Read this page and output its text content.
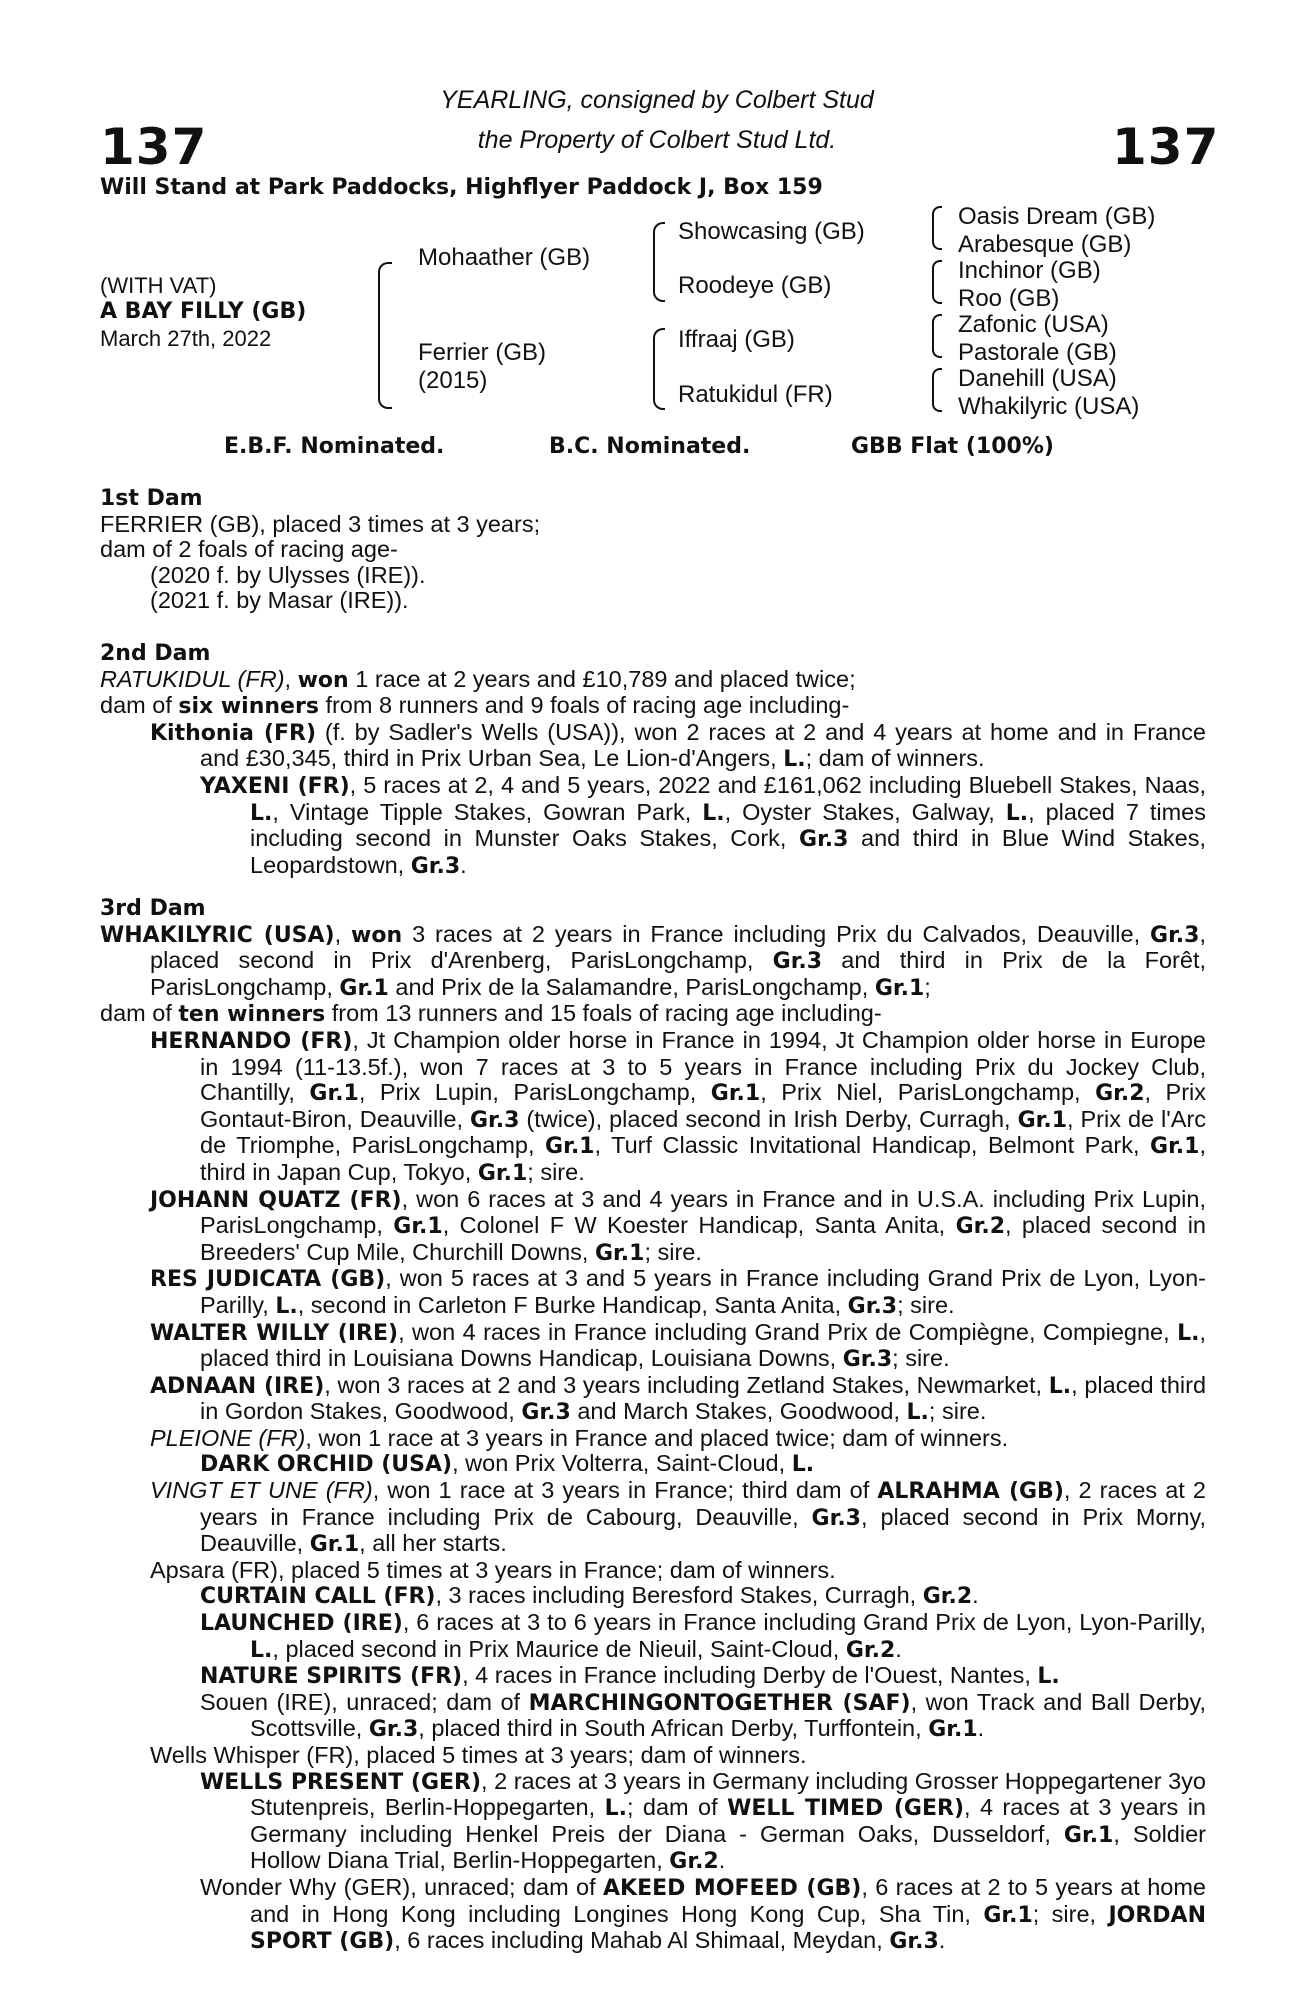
137	137
YEARLING, consigned by Colbert Stud
the Property of Colbert Stud Ltd.
Will Stand at Park Paddocks, Highflyer Paddock J, Box 159
(WITH VAT)
A BAY FILLY (GB)
March 27th, 2022
Mohaather (GB)
Ferrier (GB)
(2015)
Showcasing (GB)
Roodeye (GB)
Iffraaj (GB)
Ratukidul (FR)
Oasis Dream (GB)
Arabesque (GB)
Inchinor (GB)
Roo (GB)
Zafonic (USA)
Pastorale (GB)
Danehill (USA)
Whakilyric (USA)
E.B.F. Nominated.	B.C. Nominated.	GBB Flat (100%)

1st Dam

FERRIER (GB), placed 3 times at 3 years;

dam of 2 foals of racing age-

(2020 f. by Ulysses (IRE)).

(2021 f. by Masar (IRE)).

2nd Dam

RATUKIDUL (FR), won 1 race at 2 years and £10,789 and placed twice;

dam of six winners from 8 runners and 9 foals of racing age including-

Kithonia (FR) (f. by Sadler's Wells (USA)), won 2 races at 2 and 4 years at home and in France and £30,345, third in Prix Urban Sea, Le Lion-d'Angers, L.; dam of winners.

YAXENI (FR), 5 races at 2, 4 and 5 years, 2022 and £161,062 including Bluebell Stakes, Naas, L., Vintage Tipple Stakes, Gowran Park, L., Oyster Stakes, Galway, L., placed 7 times including second in Munster Oaks Stakes, Cork, Gr.3 and third in Blue Wind Stakes, Leopardstown, Gr.3.

3rd Dam

WHAKILYRIC (USA), won 3 races at 2 years in France including Prix du Calvados, Deauville, Gr.3, placed second in Prix d'Arenberg, ParisLongchamp, Gr.3 and third in Prix de la Forêt, ParisLongchamp, Gr.1 and Prix de la Salamandre, ParisLongchamp, Gr.1;

dam of ten winners from 13 runners and 15 foals of racing age including-

HERNANDO (FR), Jt Champion older horse in France in 1994, Jt Champion older horse in Europe in 1994 (11-13.5f.), won 7 races at 3 to 5 years in France including Prix du Jockey Club, Chantilly, Gr.1, Prix Lupin, ParisLongchamp, Gr.1, Prix Niel, ParisLongchamp, Gr.2, Prix Gontaut-Biron, Deauville, Gr.3 (twice), placed second in Irish Derby, Curragh, Gr.1, Prix de l'Arc de Triomphe, ParisLongchamp, Gr.1, Turf Classic Invitational Handicap, Belmont Park, Gr.1, third in Japan Cup, Tokyo, Gr.1; sire.

JOHANN QUATZ (FR), won 6 races at 3 and 4 years in France and in U.S.A. including Prix Lupin, ParisLongchamp, Gr.1, Colonel F W Koester Handicap, Santa Anita, Gr.2, placed second in Breeders' Cup Mile, Churchill Downs, Gr.1; sire.

RES JUDICATA (GB), won 5 races at 3 and 5 years in France including Grand Prix de Lyon, Lyon-Parilly, L., second in Carleton F Burke Handicap, Santa Anita, Gr.3; sire.

WALTER WILLY (IRE), won 4 races in France including Grand Prix de Compiègne, Compiegne, L., placed third in Louisiana Downs Handicap, Louisiana Downs, Gr.3; sire.

ADNAAN (IRE), won 3 races at 2 and 3 years including Zetland Stakes, Newmarket, L., placed third in Gordon Stakes, Goodwood, Gr.3 and March Stakes, Goodwood, L.; sire.

PLEIONE (FR), won 1 race at 3 years in France and placed twice; dam of winners.

DARK ORCHID (USA), won Prix Volterra, Saint-Cloud, L.

VINGT ET UNE (FR), won 1 race at 3 years in France; third dam of ALRAHMA (GB), 2 races at 2 years in France including Prix de Cabourg, Deauville, Gr.3, placed second in Prix Morny, Deauville, Gr.1, all her starts.

Apsara (FR), placed 5 times at 3 years in France; dam of winners.

CURTAIN CALL (FR), 3 races including Beresford Stakes, Curragh, Gr.2.

LAUNCHED (IRE), 6 races at 3 to 6 years in France including Grand Prix de Lyon, Lyon-Parilly, L., placed second in Prix Maurice de Nieuil, Saint-Cloud, Gr.2.

NATURE SPIRITS (FR), 4 races in France including Derby de l'Ouest, Nantes, L.

Souen (IRE), unraced; dam of MARCHINGONTOGETHER (SAF), won Track and Ball Derby, Scottsville, Gr.3, placed third in South African Derby, Turffontein, Gr.1.

Wells Whisper (FR), placed 5 times at 3 years; dam of winners.

WELLS PRESENT (GER), 2 races at 3 years in Germany including Grosser Hoppegartener 3yo Stutenpreis, Berlin-Hoppegarten, L.; dam of WELL TIMED (GER), 4 races at 3 years in Germany including Henkel Preis der Diana - German Oaks, Dusseldorf, Gr.1, Soldier Hollow Diana Trial, Berlin-Hoppegarten, Gr.2.

Wonder Why (GER), unraced; dam of AKEED MOFEED (GB), 6 races at 2 to 5 years at home and in Hong Kong including Longines Hong Kong Cup, Sha Tin, Gr.1; sire, JORDAN SPORT (GB), 6 races including Mahab Al Shimaal, Meydan, Gr.3.
